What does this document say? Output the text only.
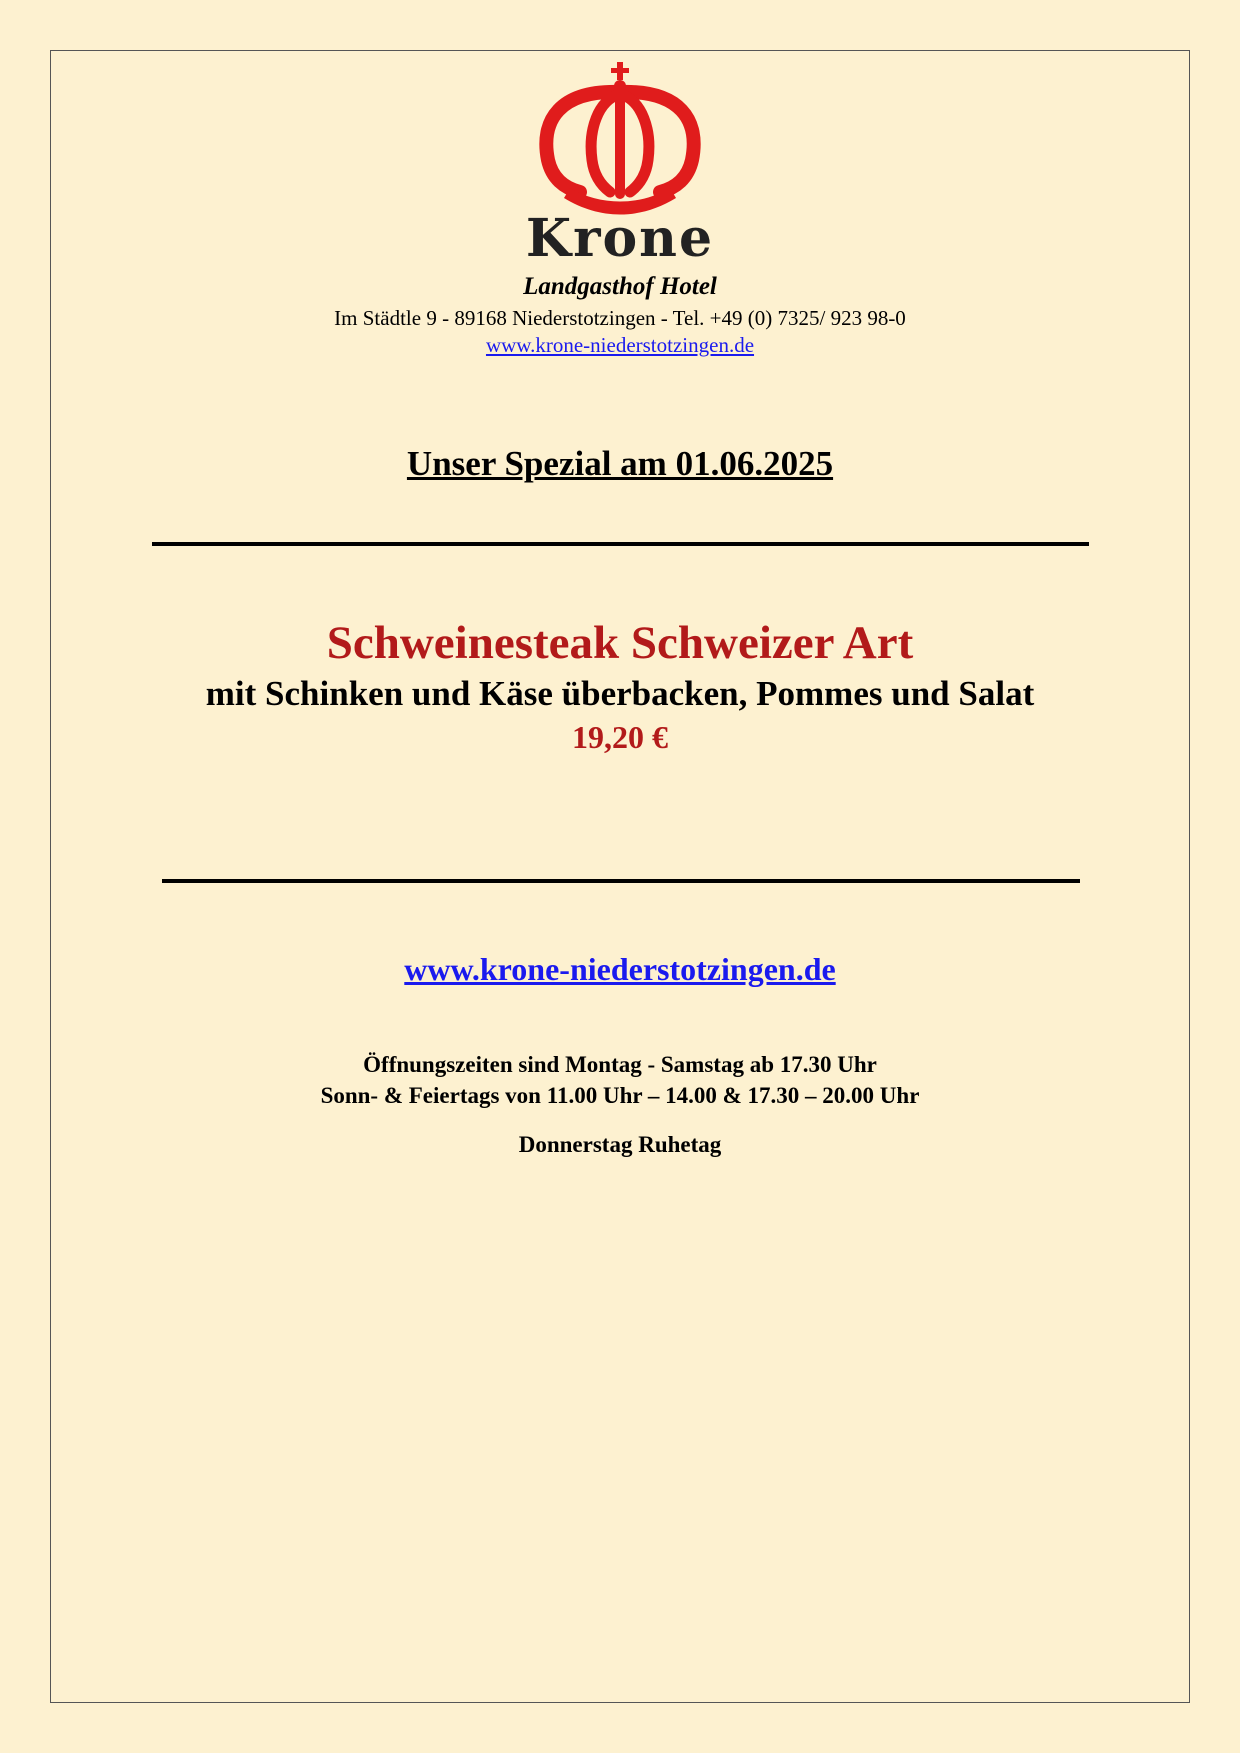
Krone
Landgasthof Hotel
Im Städtle 9 - 89168 Niederstotzingen - Tel. +49 (0) 7325/ 923 98-0
www.krone-niederstotzingen.de
Unser Spezial am 01.06.2025
Schweinesteak Schweizer Art
mit Schinken und Käse überbacken, Pommes und Salat
19,20 €
www.krone-niederstotzingen.de
Öffnungszeiten sind Montag - Samstag ab 17.30 Uhr
Sonn- & Feiertags von 11.00 Uhr – 14.00 & 17.30 – 20.00 Uhr
Donnerstag Ruhetag
